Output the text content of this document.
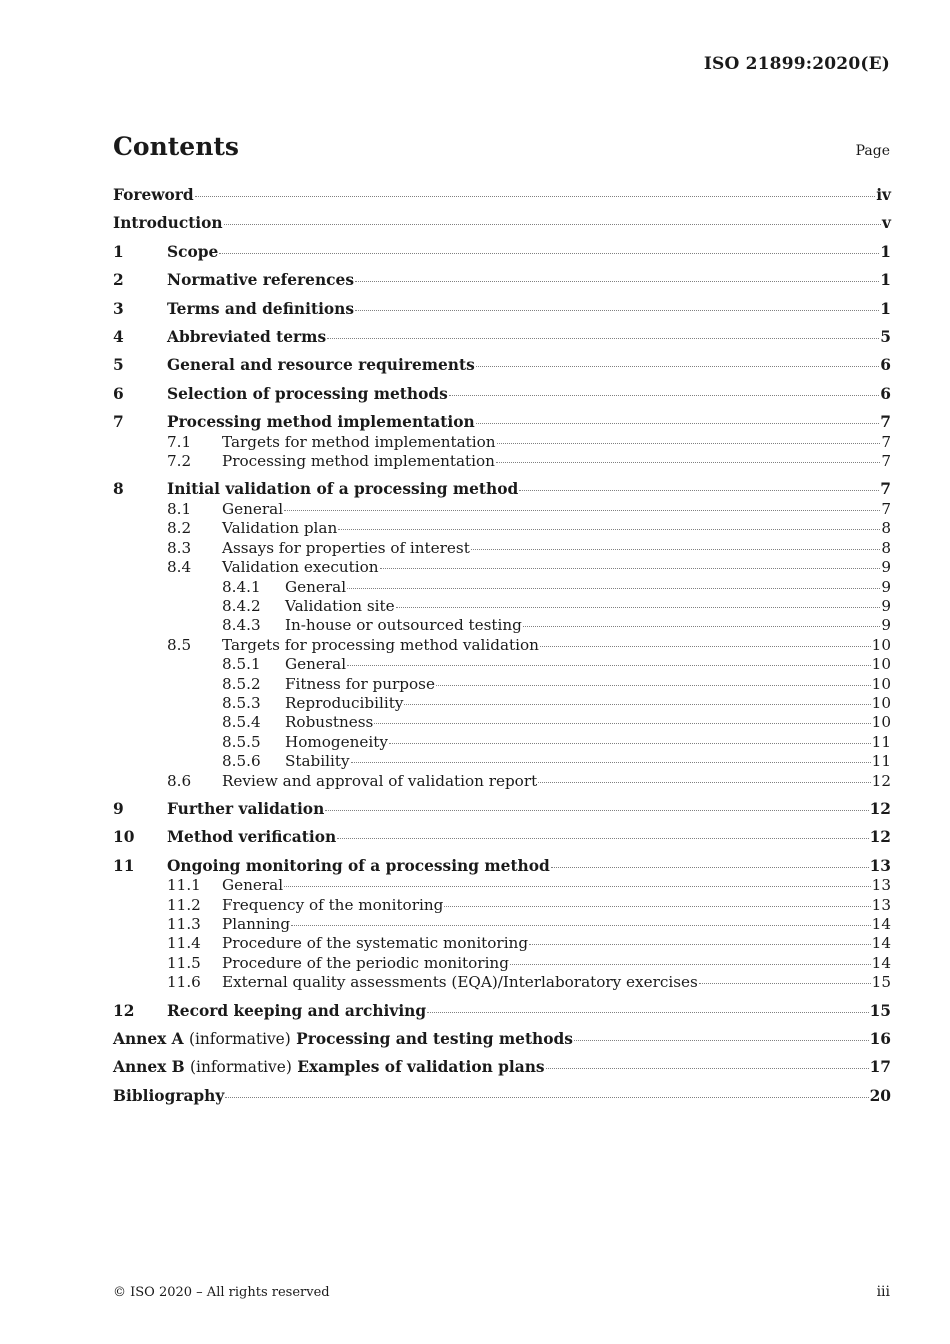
ISO 21899:2020(E)
Contents	Page
Foreword	iv
Introduction	v
1	Scope	1
2	Normative references	1
3	Terms and definitions	1
4	Abbreviated terms	5
5	General and resource requirements	6
6	Selection of processing methods	6
7	Processing method implementation	7
7.1	Targets for method implementation	7
7.2	Processing method implementation	7
8	Initial validation of a processing method	7
8.1	General	7
8.2	Validation plan	8
8.3	Assays for properties of interest	8
8.4	Validation execution	9
8.4.1	General	9
8.4.2	Validation site	9
8.4.3	In-house or outsourced testing	9
8.5	Targets for processing method validation	10
8.5.1	General	10
8.5.2	Fitness for purpose	10
8.5.3	Reproducibility	10
8.5.4	Robustness	10
8.5.5	Homogeneity	11
8.5.6	Stability	11
8.6	Review and approval of validation report	12
9	Further validation	12
10	Method verification	12
11	Ongoing monitoring of a processing method	13
11.1	General	13
11.2	Frequency of the monitoring	13
11.3	Planning	14
11.4	Procedure of the systematic monitoring	14
11.5	Procedure of the periodic monitoring	14
11.6	External quality assessments (EQA)/Interlaboratory exercises	15
12	Record keeping and archiving	15
Annex A (informative) Processing and testing methods	16
Annex B (informative) Examples of validation plans	17
Bibliography	20
© ISO 2020 – All rights reserved	iii
